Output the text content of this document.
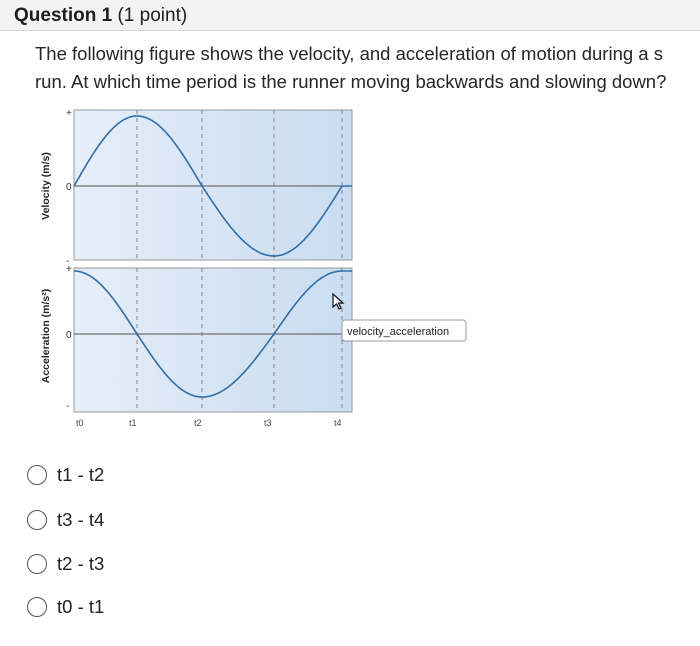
Question 1 (1 point)
The following figure shows the velocity, and acceleration of motion during a s
run. At which time period is the runner moving backwards and slowing down?
Velocity (m/s)
Acceleration (m/s²)
0
0
+
-
+
-
t0	t1	t2	t3	t4
velocity_acceleration
t1 - t2
t3 - t4
t2 - t3
t0 - t1
